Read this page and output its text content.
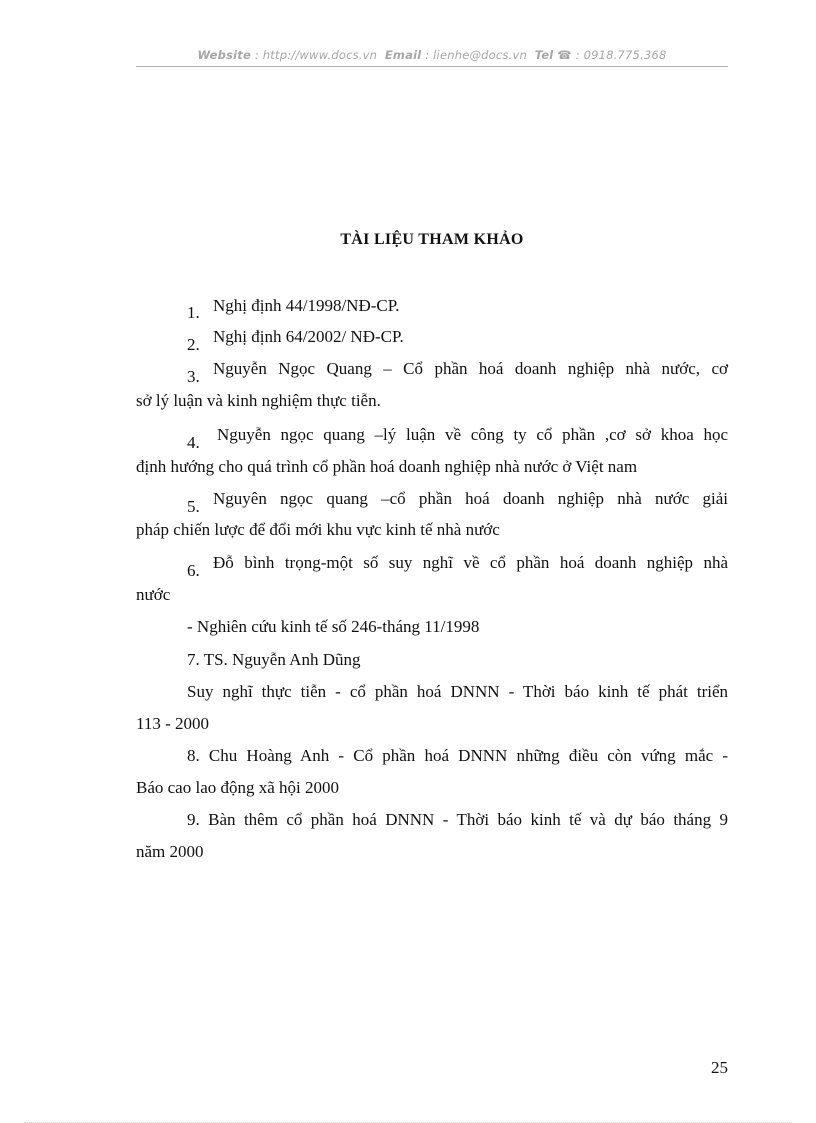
Website : http://www.docs.vn Email : lienhe@docs.vn Tel ☎ : 0918.775.368
TÀI LIỆU THAM KHẢO
1. Nghị định 44/1998/NĐ-CP.
2. Nghị định 64/2002/ NĐ-CP.
3. Nguyễn Ngọc Quang – Cổ phần hoá doanh nghiệp nhà nước, cơ
sở lý luận và kinh nghiệm thực tiễn.
4. Nguyễn ngọc quang –lý luận về công ty cổ phần ,cơ sở khoa học
định hướng cho quá trình cổ phần hoá doanh nghiệp nhà nước ở Việt nam
5. Nguyên ngọc quang –cổ phần hoá doanh nghiệp nhà nước giải
pháp chiến lược để đổi mới khu vực kinh tế nhà nước
6. Đỗ bình trọng-một số suy nghĩ về cổ phần hoá doanh nghiệp nhà
nước
- Nghiên cứu kinh tế số 246-tháng 11/1998
7. TS. Nguyễn Anh Dũng
Suy nghĩ thực tiễn - cổ phần hoá DNNN - Thời báo kinh tế phát triển
113 - 2000
8. Chu Hoàng Anh - Cổ phần hoá DNNN những điều còn vứng mắc -
Báo cao lao động xã hội 2000
9. Bàn thêm cổ phần hoá DNNN - Thời báo kinh tế và dự báo tháng 9
năm 2000
25
